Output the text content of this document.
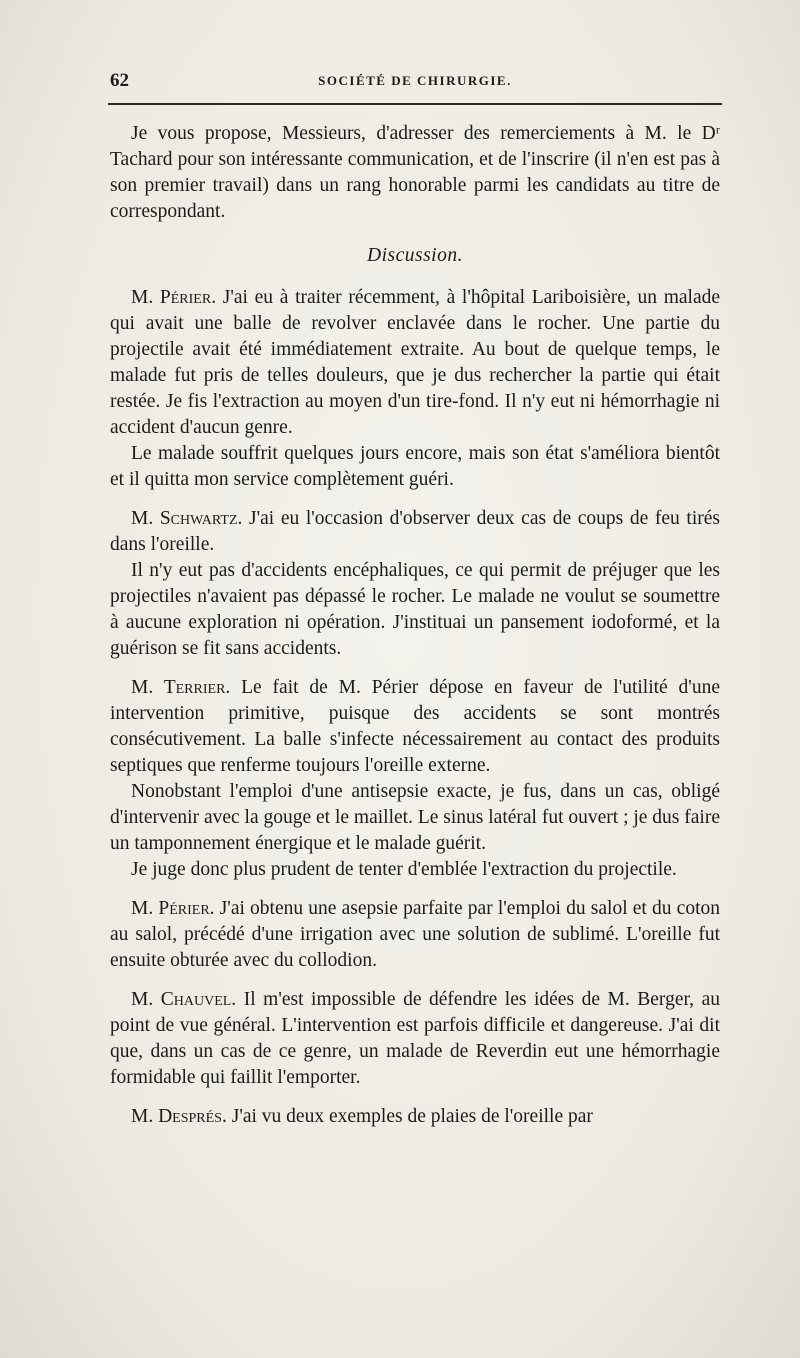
62	SOCIÉTÉ DE CHIRURGIE.

Je vous propose, Messieurs, d'adresser des remerciements à M. le Dʳ Tachard pour son intéressante communication, et de l'inscrire (il n'en est pas à son premier travail) dans un rang honorable parmi les candidats au titre de correspondant.

Discussion.

M. Périer. J'ai eu à traiter récemment, à l'hôpital Lariboisière, un malade qui avait une balle de revolver enclavée dans le rocher. Une partie du projectile avait été immédiatement extraite. Au bout de quelque temps, le malade fut pris de telles douleurs, que je dus rechercher la partie qui était restée. Je fis l'extraction au moyen d'un tire-fond. Il n'y eut ni hémorrhagie ni accident d'aucun genre.

Le malade souffrit quelques jours encore, mais son état s'améliora bientôt et il quitta mon service complètement guéri.

M. Schwartz. J'ai eu l'occasion d'observer deux cas de coups de feu tirés dans l'oreille.

Il n'y eut pas d'accidents encéphaliques, ce qui permit de préjuger que les projectiles n'avaient pas dépassé le rocher. Le malade ne voulut se soumettre à aucune exploration ni opération. J'instituai un pansement iodoformé, et la guérison se fit sans accidents.

M. Terrier. Le fait de M. Périer dépose en faveur de l'utilité d'une intervention primitive, puisque des accidents se sont montrés consécutivement. La balle s'infecte nécessairement au contact des produits septiques que renferme toujours l'oreille externe.

Nonobstant l'emploi d'une antisepsie exacte, je fus, dans un cas, obligé d'intervenir avec la gouge et le maillet. Le sinus latéral fut ouvert ; je dus faire un tamponnement énergique et le malade guérit.

Je juge donc plus prudent de tenter d'emblée l'extraction du projectile.

M. Périer. J'ai obtenu une asepsie parfaite par l'emploi du salol et du coton au salol, précédé d'une irrigation avec une solution de sublimé. L'oreille fut ensuite obturée avec du collodion.

M. Chauvel. Il m'est impossible de défendre les idées de M. Berger, au point de vue général. L'intervention est parfois difficile et dangereuse. J'ai dit que, dans un cas de ce genre, un malade de Reverdin eut une hémorrhagie formidable qui faillit l'emporter.

M. Després. J'ai vu deux exemples de plaies de l'oreille par
